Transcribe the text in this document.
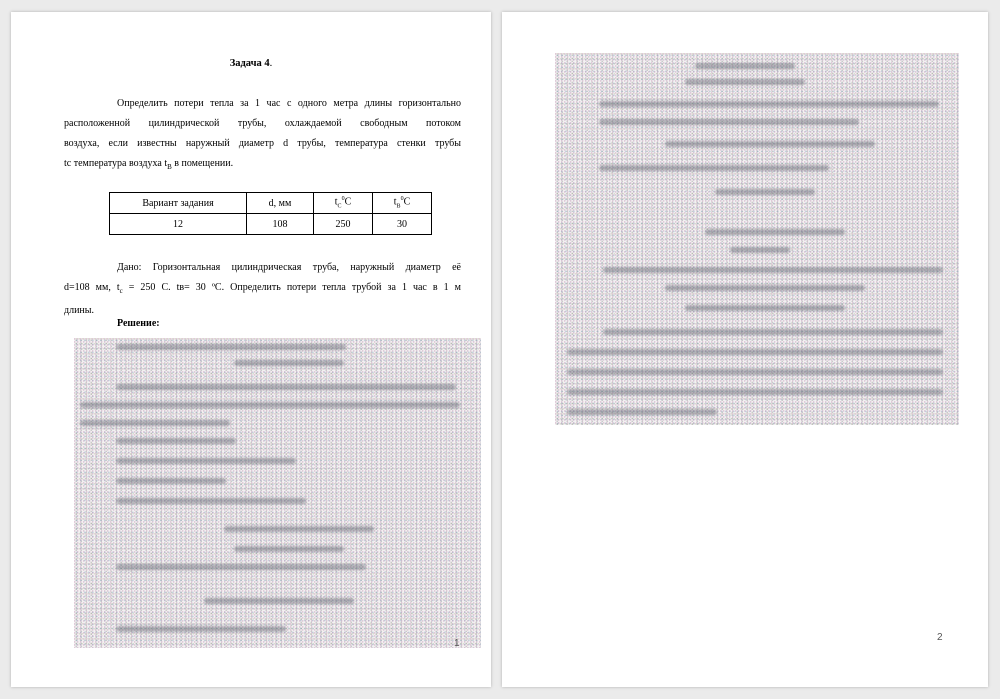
Задача 4.
Определить потери тепла за 1 час с одного метра длины горизонтально
расположенной цилиндрической трубы, охлаждаемой свободным потоком
воздуха, если известны наружный диаметр d трубы, температура стенки трубы
tc температура воздуха $t_В$ в помещении.
Вариант задания	d, мм	$t_C^0C$	$t_В^0C$
12	108	250	30
Дано: Горизонтальная цилиндрическая труба, наружный диаметр её
d=108 мм, $t_с = 250$ С. tв= 30 ºС. Определить потери тепла трубой за 1 час в 1 м
длины.
Решение:
1
2
